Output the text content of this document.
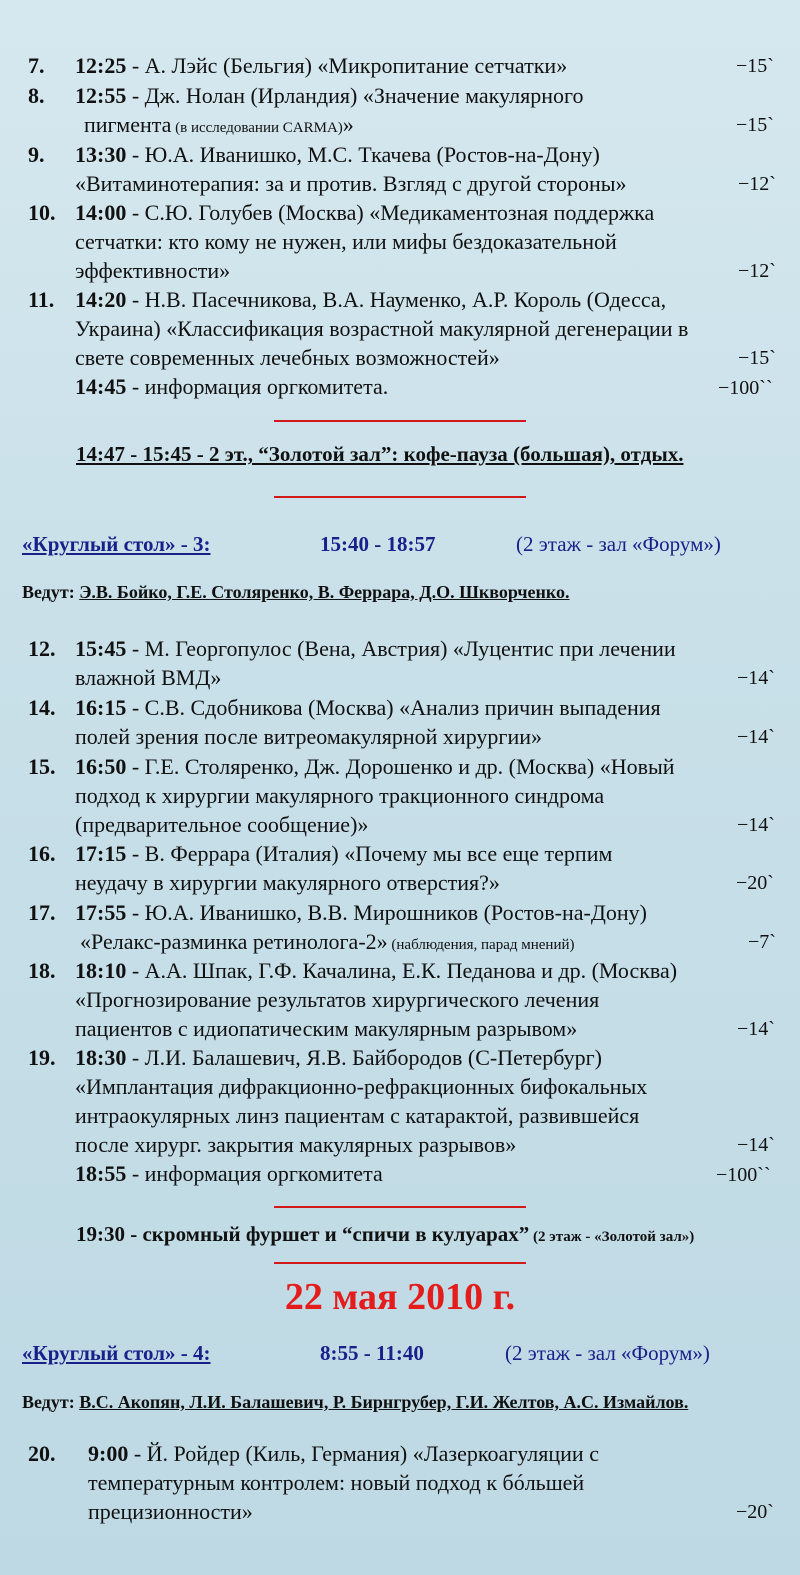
7. 12:25 - А. Лэйс (Бельгия) «Микропитание сетчатки»	−15`
8. 12:55 - Дж. Нолан (Ирландия) «Значение макулярного
пигмента (в исследовании CARMA)»	−15`
9. 13:30 - Ю.А. Иванишко, М.С. Ткачева (Ростов-на-Дону)
«Витаминотерапия: за и против. Взгляд с другой стороны»	−12`
10. 14:00 - С.Ю. Голубев (Москва) «Медикаментозная поддержка
сетчатки: кто кому не нужен, или мифы бездоказательной
эффективности»	−12`
11. 14:20 - Н.В. Пасечникова, В.А. Науменко, А.Р. Король (Одесса,
Украина) «Классификация возрастной макулярной дегенерации в
свете современных лечебных возможностей»	−15`
14:45 - информация оргкомитета.	−100``
14:47 - 15:45 - 2 эт., “Золотой зал”: кофе-пауза (большая), отдых.
«Круглый стол» - 3:	15:40 - 18:57	(2 этаж - зал «Форум»)
Ведут: Э.В. Бойко, Г.Е. Столяренко, В. Феррара, Д.О. Шкворченко.
12. 15:45 - М. Георгопулос (Вена, Австрия) «Луцентис при лечении
влажной ВМД»	−14`
14. 16:15 - С.В. Сдобникова (Москва) «Анализ причин выпадения
полей зрения после витреомакулярной хирургии»	−14`
15. 16:50 - Г.Е. Столяренко, Дж. Дорошенко и др. (Москва) «Новый
подход к хирургии макулярного тракционного синдрома
(предварительное сообщение)»	−14`
16. 17:15 - В. Феррара (Италия) «Почему мы все еще терпим
неудачу в хирургии макулярного отверстия?»	−20`
17. 17:55 - Ю.А. Иванишко, В.В. Мирошников (Ростов-на-Дону)
«Релакс-разминка ретинолога-2» (наблюдения, парад мнений)	−7`
18. 18:10 - А.А. Шпак, Г.Ф. Качалина, Е.К. Педанова и др. (Москва)
«Прогнозирование результатов хирургического лечения
пациентов с идиопатическим макулярным разрывом»	−14`
19. 18:30 - Л.И. Балашевич, Я.В. Байбородов (С-Петербург)
«Имплантация дифракционно-рефракционных бифокальных
интраокулярных линз пациентам с катарактой, развившейся
после хирург. закрытия макулярных разрывов»	−14`
18:55 - информация оргкомитета	−100``
19:30 - скромный фуршет и “спичи в кулуарах” (2 этаж - «Золотой зал»)
22 мая 2010 г.
«Круглый стол» - 4:	8:55 - 11:40	(2 этаж - зал «Форум»)
Ведут: В.С. Акопян, Л.И. Балашевич, Р. Бирнгрубер, Г.И. Желтов, А.С. Измайлов.
20. 9:00 - Й. Ройдер (Киль, Германия) «Лазеркоагуляции с
температурным контролем: новый подход к бóльшей
прецизионности»	−20`
